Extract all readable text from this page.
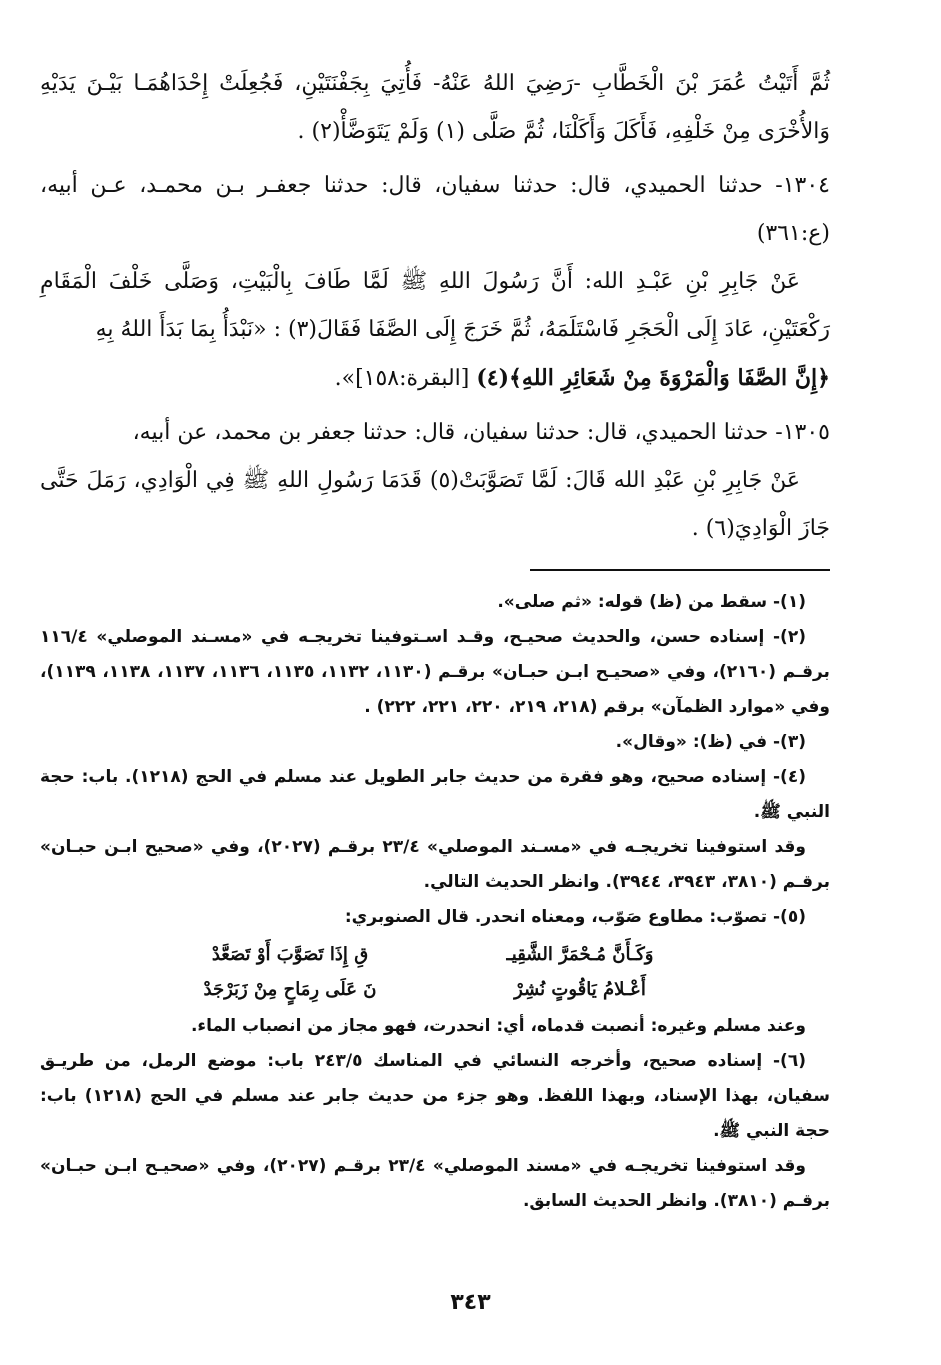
ثُمَّ أَتَيْتُ عُمَرَ بْنَ الْخَطَّابِ -رَضِيَ اللهُ عَنْهُ- فَأُتِيَ بِجَفْنَتَيْنِ، فَجُعِلَتْ إِحْدَاهُمَـا بَيْـنَ يَدَيْهِ وَالأُخْرَى مِنْ خَلْفِهِ، فَأَكَلَ وَأَكَلْنَا، ثُمَّ صَلَّى (١) وَلَمْ يَتَوَضَّأْ(٢) .

١٣٠٤- حدثنا الحميدي، قال: حدثنا سفيان، قال: حدثنا جعفـر بـن محمـد، عـن أبيه، (ع:٣٦١)

عَنْ جَابِرِ بْنِ عَبْـدِ الله: أَنَّ رَسُولَ اللهِ ﷺ لَمَّا طَافَ بِالْبَيْتِ، وَصَلَّى خَلْفَ الْمَقَامِ رَكْعَتَيْنِ، عَادَ إِلَى الْحَجَرِ فَاسْتَلَمَهُ، ثُمَّ خَرَجَ إِلَى الصَّفَا فَقَالَ(٣) : «نَبْدَأُ بِمَا بَدَأَ اللهُ بِهِ
﴿إِنَّ الصَّفَا وَالْمَرْوَةَ مِنْ شَعَائِرِ اللهِ﴾(٤) [البقرة:١٥٨]».

١٣٠٥- حدثنا الحميدي، قال: حدثنا سفيان، قال: حدثنا جعفر بن محمد، عن أبيه،

عَنْ جَابِرِ بْنِ عَبْدِ الله قَالَ: لَمَّا تَصَوَّبَتْ(٥) قَدَمَا رَسُولِ اللهِ ﷺ فِي الْوَادِي، رَمَلَ حَتَّى جَازَ الْوَادِيَ(٦) .

(١)- سقط من (ظ) قوله: «ثم صلى».

(٢)- إسناده حسن، والحديث صحيـح، وقـد اسـتوفينا تخريجـه في «مسـند الموصلي» ١١٦/٤ برقـم (٢١٦٠)، وفي «صحيـح ابـن حبـان» برقـم (١١٣٠، ١١٣٢، ١١٣٥، ١١٣٦، ١١٣٧، ١١٣٨، ١١٣٩)، وفي «موارد الظمآن» برقم (٢١٨، ٢١٩، ٢٢٠، ٢٢١، ٢٢٢) .

(٣)- في (ظ): «وقال».

(٤)- إسناده صحيح، وهو فقرة من حديث جابر الطويل عند مسلم في الحج (١٢١٨). باب: حجة النبي ﷺ.

وقد استوفينا تخريجـه في «مسـند الموصلي» ٢٣/٤ برقـم (٢٠٢٧)، وفي «صحيح ابـن حبـان» برقـم (٣٨١٠، ٣٩٤٣، ٣٩٤٤). وانظر الحديث التالي.

(٥)- تصوّب: مطاوع صَوّب، ومعناه انحدر. قال الصنوبري:

وَكَـأَنَّ مُـحْمَرَّ الشَّقِيـ
قِ إِذَا تَصَوَّبَ أَوْ تَصَعَّدْ
أَعْـلامُ يَاقُوتٍ نُشِرْ
نَ عَلَى رِمَاحٍ مِنْ زَبَرْجَدْ

وعند مسلم وغيره: أنصبت قدماه، أي: انحدرت، فهو مجاز من انصباب الماء.

(٦)- إسناده صحيح، وأخرجه النسائي في المناسك ٢٤٣/٥ باب: موضع الرمل، من طريـق سفيان، بهذا الإسناد، وبهذا اللفظ. وهو جزء من حديث جابر عند مسلم في الحج (١٢١٨) باب: حجة النبي ﷺ.

وقد استوفينا تخريجـه في «مسند الموصلي» ٢٣/٤ برقـم (٢٠٢٧)، وفي «صحيـح ابـن حبـان» برقـم (٣٨١٠). وانظر الحديث السابق.

٣٤٣
